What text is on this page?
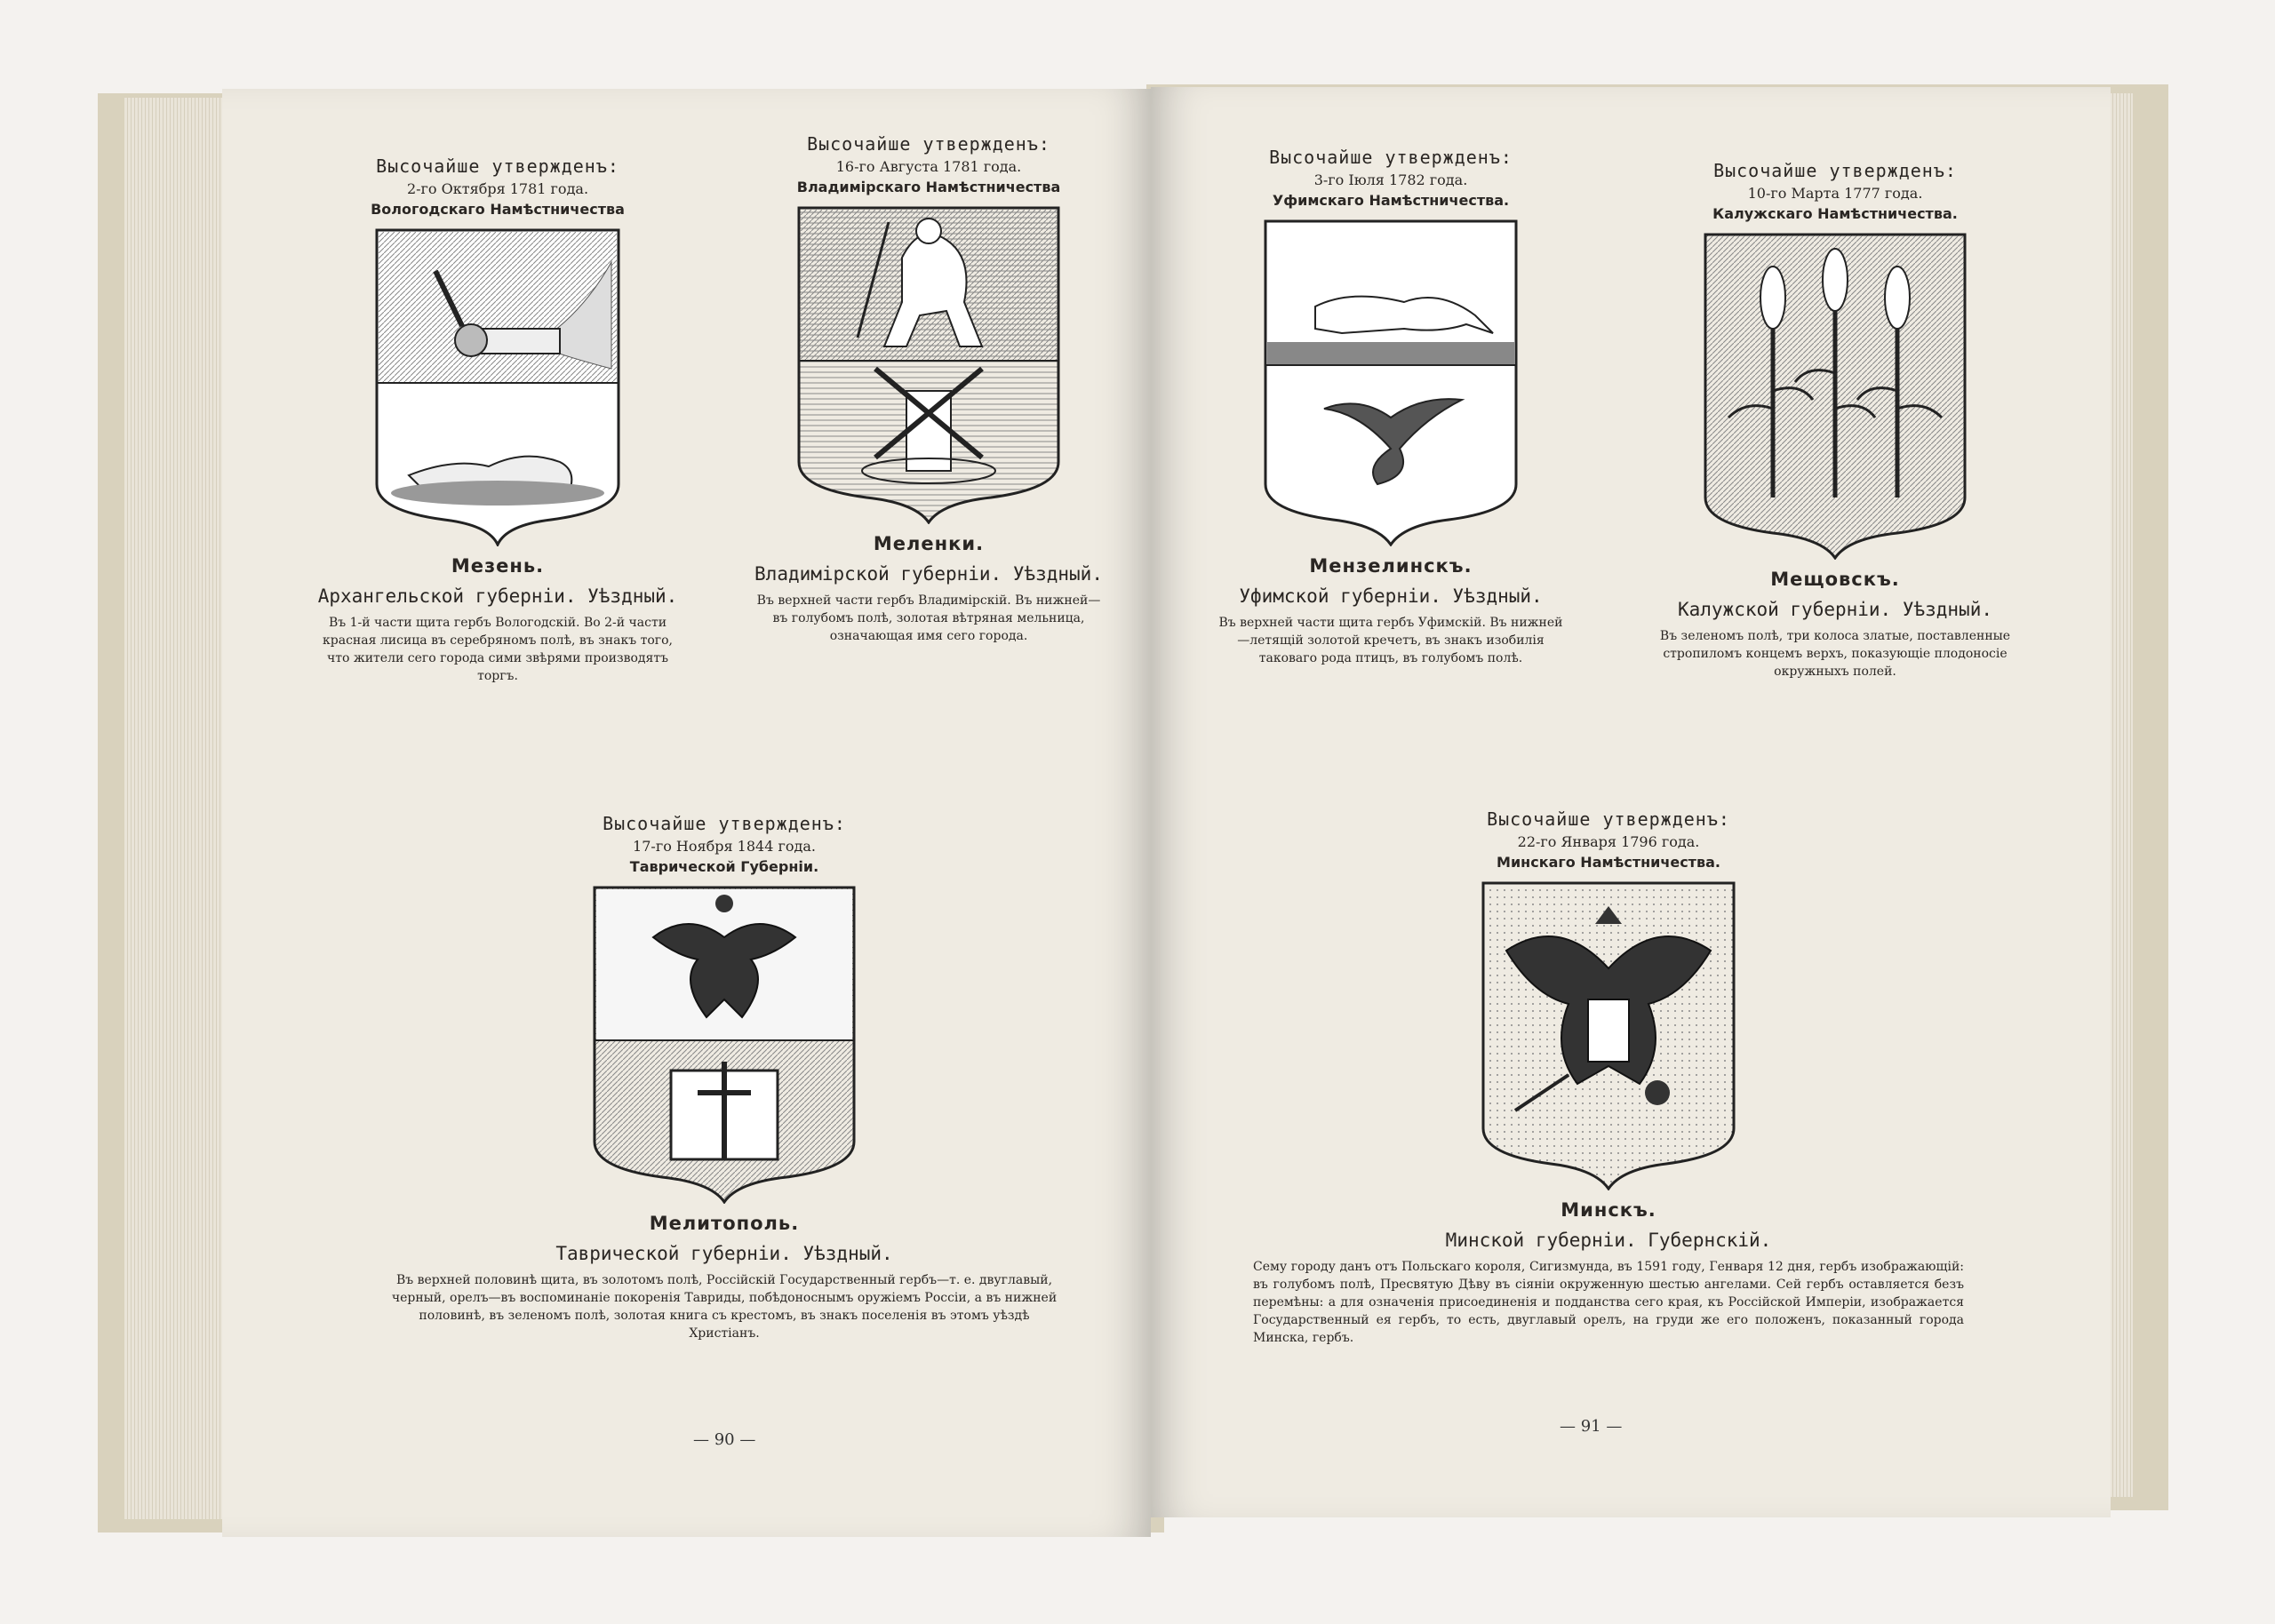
Высочайше утвержденъ:
2-го Октября 1781 года.
Вологодскаго Намѣстничества
Мезень.
Архангельской губерніи. Уѣздный.
Въ 1-й части щита гербъ Вологодскій. Во 2-й части красная лисица въ серебряномъ полѣ, въ знакъ того, что жители сего города сими звѣрями производятъ торгъ.
Высочайше утвержденъ:
16-го Августа 1781 года.
Владимірскаго Намѣстничества
Меленки.
Владимірской губерніи. Уѣздный.
Въ верхней части гербъ Владимірскій. Въ нижней— въ голубомъ полѣ, золотая вѣтряная мельница, означающая имя сего города.
Высочайше утвержденъ:
3-го Іюля 1782 года.
Уфимскаго Намѣстничества.
Мензелинскъ.
Уфимской губерніи. Уѣздный.
Въ верхней части щита гербъ Уфимскій. Въ нижней—летящій золотой кречетъ, въ знакъ изобилія таковаго рода птицъ, въ голубомъ полѣ.
Высочайше утвержденъ:
10-го Марта 1777 года.
Калужскаго Намѣстничества.
Мещовскъ.
Калужской губерніи. Уѣздный.
Въ зеленомъ полѣ, три колоса златые, поставленные стропиломъ концемъ верхъ, показующіе плодоносіе окружныхъ полей.
Высочайше утвержденъ:
17-го Ноября 1844 года.
Таврической Губерніи.
Мелитополь.
Таврической губерніи. Уѣздный.
Въ верхней половинѣ щита, въ золотомъ полѣ, Россійскій Государственный гербъ—т. е. двуглавый, черный, орелъ—въ воспоминаніе покоренія Тавриды, побѣдоноснымъ оружіемъ Россіи, а въ нижней половинѣ, въ зеленомъ полѣ, золотая книга съ крестомъ, въ знакъ поселенія въ этомъ уѣздѣ Христіанъ.
Высочайше утвержденъ:
22-го Января 1796 года.
Минскаго Намѣстничества.
Минскъ.
Минской губерніи. Губернскій.
Сему городу данъ отъ Польскаго короля, Сигизмунда, въ 1591 году, Генваря 12 дня, гербъ изображающій: въ голубомъ полѣ, Пресвятую Дѣву въ сіяніи окруженную шестью ангелами. Сей гербъ оставляется безъ перемѣны: а для означенія присоединенія и подданства сего края, къ Россійской Имперіи, изображается Государственный ея гербъ, то есть, двуглавый орелъ, на груди же его положенъ, показанный города Минска, гербъ.
— 90 —
— 91 —
